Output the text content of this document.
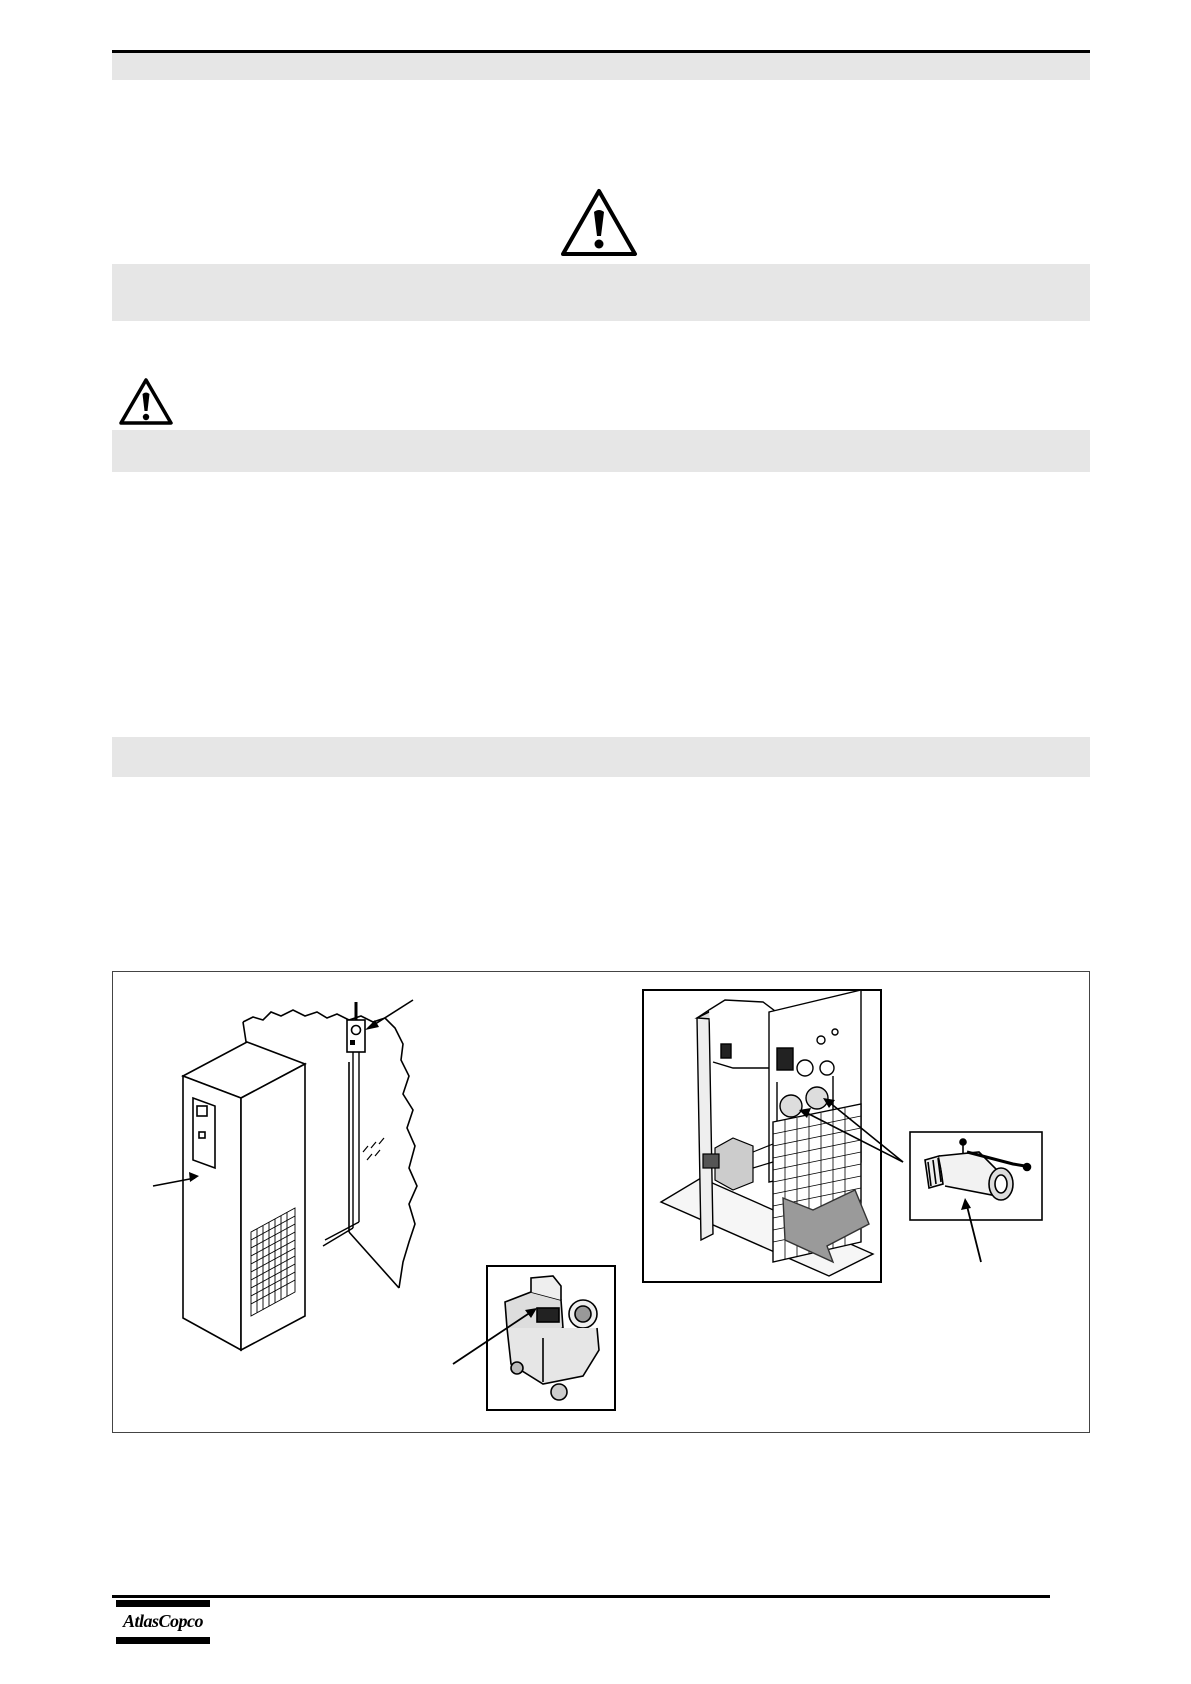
AtlasCopco
